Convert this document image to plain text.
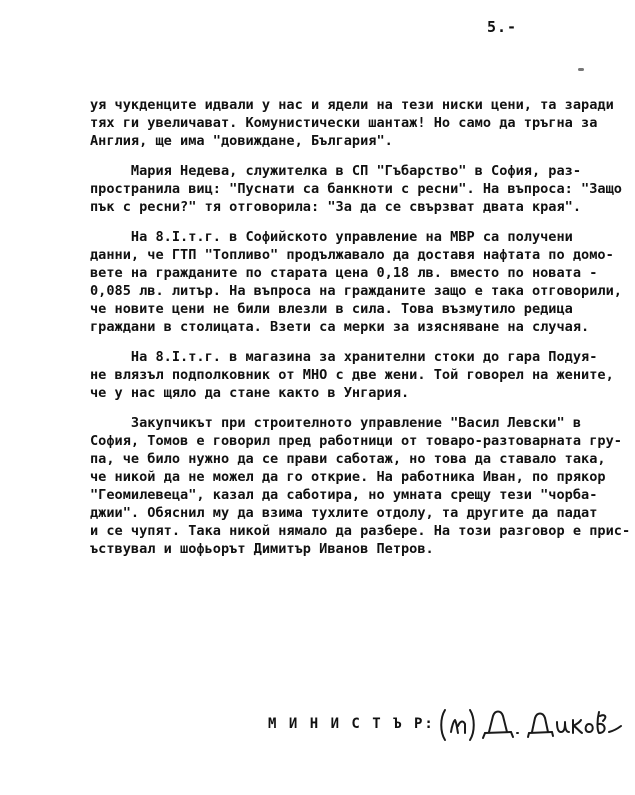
5.-
уя чукденците идвали у нас и ядели на тези ниски цени, та заради
тях ги увеличават. Комунистически шантаж! Но само да тръгна за
Англия, ще има "довиждане, България".
Мария Недева, служителка в СП "Гъбарство" в София, раз-
пространила виц: "Пуснати са банкноти с ресни". На въпроса: "Защо
пък с ресни?" тя отговорила: "За да се свързват двата края".
На 8.I.т.г. в Софийското управление на МВР са получени
данни, че ГТП "Топливо" продължавало да доставя нафтата по домо-
вете на гражданите по старата цена 0,18 лв. вместо по новата -
0,085 лв. литър. На въпроса на гражданите защо е така отговорили,
че новите цени не били влезли в сила. Това възмутило редица
граждани в столицата. Взети са мерки за изясняване на случая.
На 8.I.т.г. в магазина за хранителни стоки до гара Подуя-
не влязъл подполковник от МНО с две жени. Той говорел на жените,
че у нас щяло да стане както в Унгария.
Закупчикът при строителното управление "Васил Левски" в
София, Томов е говорил пред работници от товаро-разтоварната гру-
па, че било нужно да се прави саботаж, но това да ставало така,
че никой да не можел да го открие. На работника Иван, по прякор
"Геомилевеца", казал да саботира, но умната срещу тези "чорба-
джии". Обяснил му да взима тухлите отдолу, та другите да падат
и се чупят. Така никой нямало да разбере. На този разговор е прис-
ъствувал и шофьорът Димитър Иванов Петров.
М И Н И С Т Ъ Р:
